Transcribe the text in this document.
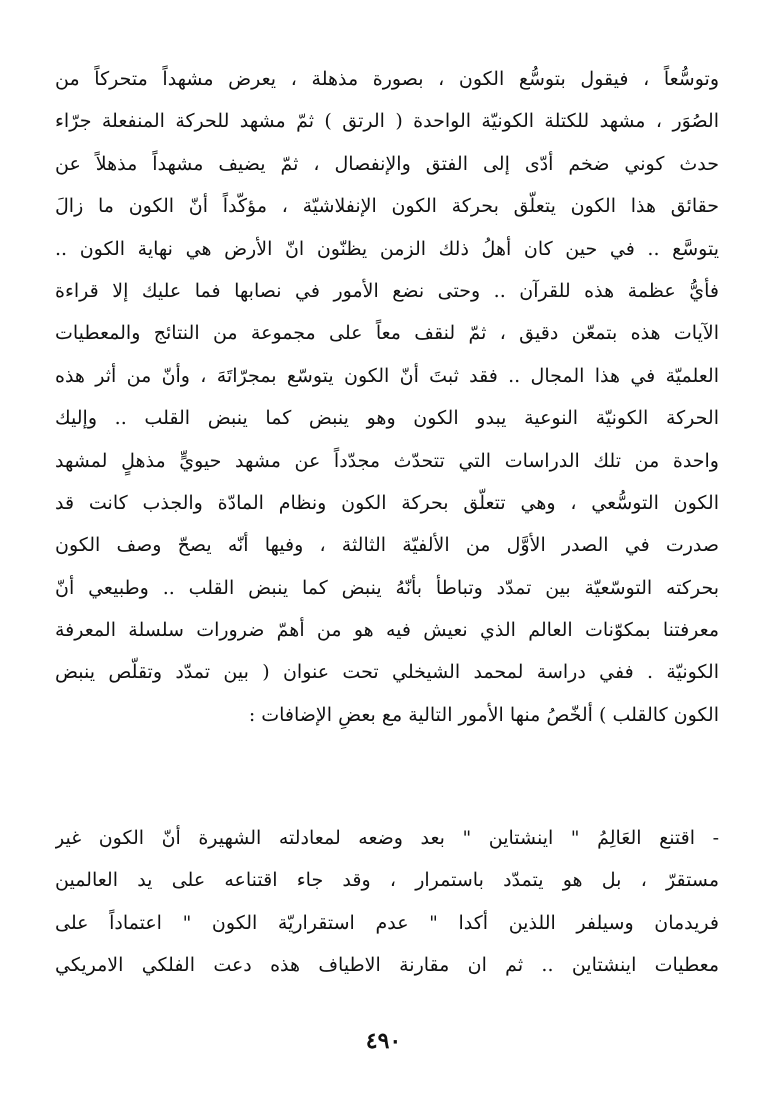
وتوسُّعاً ، فيقول بتوسُّع الكون ، بصورة مذهلة ، يعرض مشهداً متحركاً من
الصُوَر ، مشهد للكتلة الكونيّة الواحدة ( الرتق ) ثمّ مشهد للحركة المنفعلة جرّاء
حدث كوني ضخم أدّى إلى الفتق والإنفصال ، ثمّ يضيف مشهداً مذهلاً عن
حقائق هذا الكون يتعلّق بحركة الكون الإنفلاشيّة ، مؤكّداً أنّ الكون ما زالَ
يتوسَّع .. في حين كان أهلُ ذلك الزمن يظنّون انّ الأرض هي نهاية الكون ..
فأيُّ عظمة هذه للقرآن .. وحتى نضع الأمور في نصابها فما عليك إلا قراءة
الآيات هذه بتمعّن دقيق ، ثمّ لنقف معاً على مجموعة من النتائج والمعطيات
العلميّة في هذا المجال .. فقد ثبتَ أنّ الكون يتوسّع بمجرّاتَهَ ، وأنّ من أثر هذه
الحركة الكونيّة النوعية يبدو الكون وهو ينبض كما ينبض القلب .. وإليك
واحدة من تلك الدراسات التي تتحدّث مجدّداً عن مشهد حيويٍّ مذهلٍ لمشهد
الكون التوسُّعي ، وهي تتعلّق بحركة الكون ونظام المادّة والجذب كانت قد
صدرت في الصدر الأوَّل من الألفيّة الثالثة ، وفيها أنّه يصحّ وصف الكون
بحركته التوسّعيّة بين تمدّد وتباطأ بأنّهُ ينبض كما ينبض القلب .. وطبيعي أنّ
معرفتنا بمكوّنات العالم الذي نعيش فيه هو من أهمّ ضرورات سلسلة المعرفة
الكونيّة . ففي دراسة لمحمد الشيخلي تحت عنوان ( بين تمدّد وتقلّص ينبض
الكون كالقلب ) ألخّصُ منها الأمور التالية مع بعضِ الإضافات :
- اقتنع العَالِمُ " اينشتاين " بعد وضعه لمعادلته الشهيرة أنّ الكون غير
مستقرّ ، بل هو يتمدّد باستمرار ، وقد جاء اقتناعه على يد العالمين
فريدمان وسيلفر اللذين أكدا " عدم استقراريّة الكون " اعتماداً على
معطيات اينشتاين .. ثم ان مقارنة الاطياف هذه دعت الفلكي الامريكي
٤٩٠
